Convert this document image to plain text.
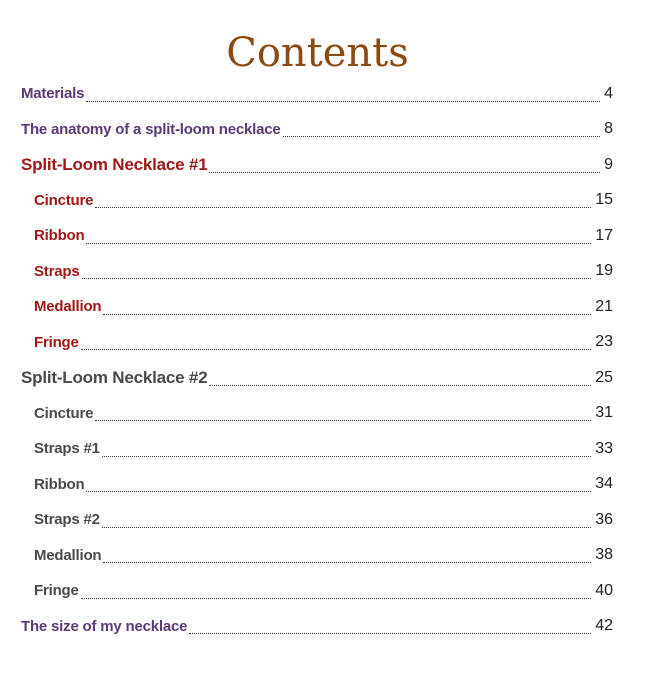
Contents
Materials	4
The anatomy of a split-loom necklace	8
Split-Loom Necklace #1	9
Cincture	15
Ribbon	17
Straps	19
Medallion	21
Fringe	23
Split-Loom Necklace #2	25
Cincture	31
Straps #1	33
Ribbon	34
Straps #2	36
Medallion	38
Fringe	40
The size of my necklace	42
